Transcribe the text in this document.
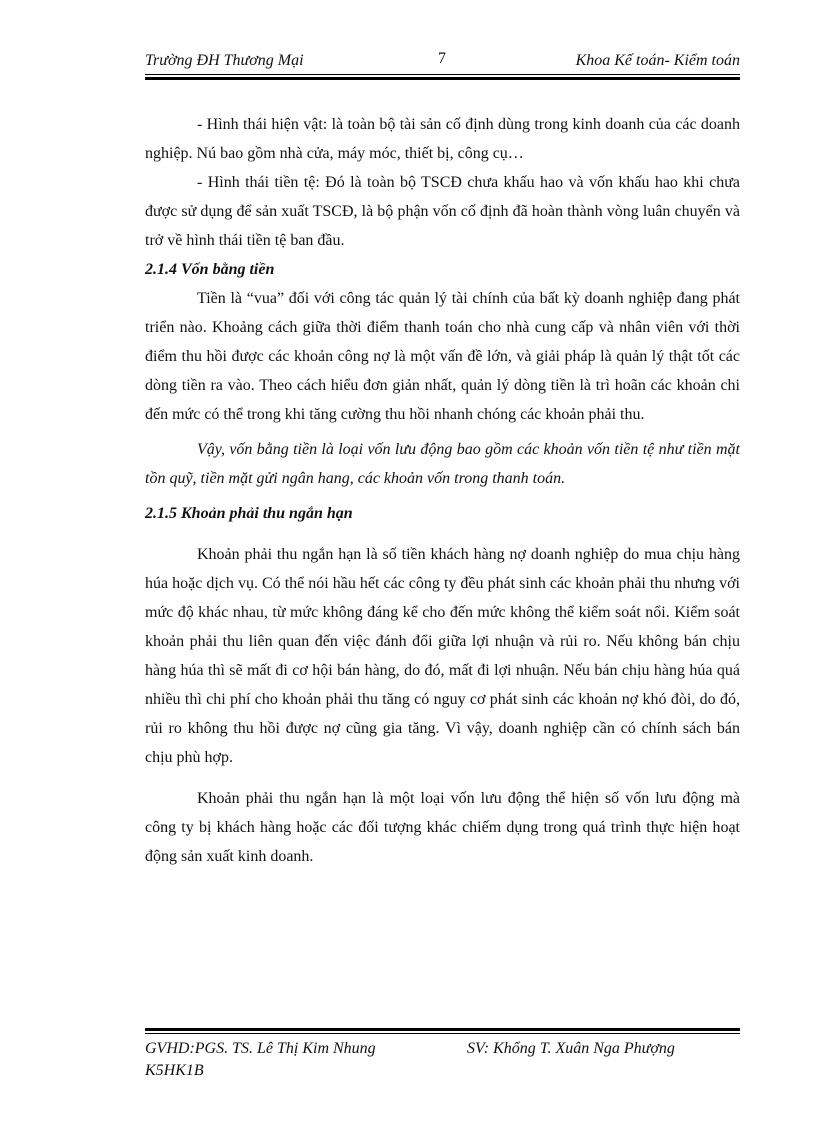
Trường ĐH Thương Mại	7	Khoa Kế toán- Kiểm toán

- Hình thái hiện vật: là toàn bộ tài sản cố định dùng trong kinh doanh của các doanh nghiệp. Nú bao gồm nhà cửa, máy móc, thiết bị, công cụ…

- Hình thái tiền tệ: Đó là toàn bộ TSCĐ chưa khấu hao và vốn khấu hao khi chưa được sử dụng để sản xuất TSCĐ, là bộ phận vốn cố định đã hoàn thành vòng luân chuyển và trở về hình thái tiền tệ ban đầu.

2.1.4 Vốn bằng tiền

Tiền là “vua” đối với công tác quản lý tài chính của bất kỳ doanh nghiệp đang phát triển nào. Khoảng cách giữa thời điểm thanh toán cho nhà cung cấp và nhân viên với thời điểm thu hồi được các khoản công nợ là một vấn đề lớn, và giải pháp là quản lý thật tốt các dòng tiền ra vào. Theo cách hiểu đơn giản nhất, quản lý dòng tiền là trì hoãn các khoản chi đến mức có thể trong khi tăng cường thu hồi nhanh chóng các khoản phải thu.

Vậy, vốn bằng tiền là loại vốn lưu động bao gồm các khoản vốn tiền tệ như tiền mặt tồn quỹ, tiền mặt gửi ngân hang, các khoản vốn trong thanh toán.

2.1.5 Khoản phải thu ngắn hạn

Khoản phải thu ngắn hạn là số tiền khách hàng nợ doanh nghiệp do mua chịu hàng húa hoặc dịch vụ. Có thể nói hầu hết các công ty đều phát sinh các khoản phải thu nhưng với mức độ khác nhau, từ mức không đáng kể cho đến mức không thể kiểm soát nổi. Kiểm soát khoản phải thu liên quan đến việc đánh đổi giữa lợi nhuận và rủi ro. Nếu không bán chịu hàng húa thì sẽ mất đi cơ hội bán hàng, do đó, mất đi lợi nhuận. Nếu bán chịu hàng húa quá nhiều thì chi phí cho khoản phải thu tăng có nguy cơ phát sinh các khoản nợ khó đòi, do đó, rủi ro không thu hồi được nợ cũng gia tăng. Vì vậy, doanh nghiệp cần có chính sách bán chịu phù hợp.

Khoản phải thu ngắn hạn là một loại vốn lưu động thể hiện số vốn lưu động mà công ty bị khách hàng hoặc các đối tượng khác chiếm dụng trong quá trình thực hiện hoạt động sản xuất kinh doanh.

GVHD:PGS. TS. Lê Thị Kim Nhung	SV: Khổng T. Xuân Nga Phượng
K5HK1B
